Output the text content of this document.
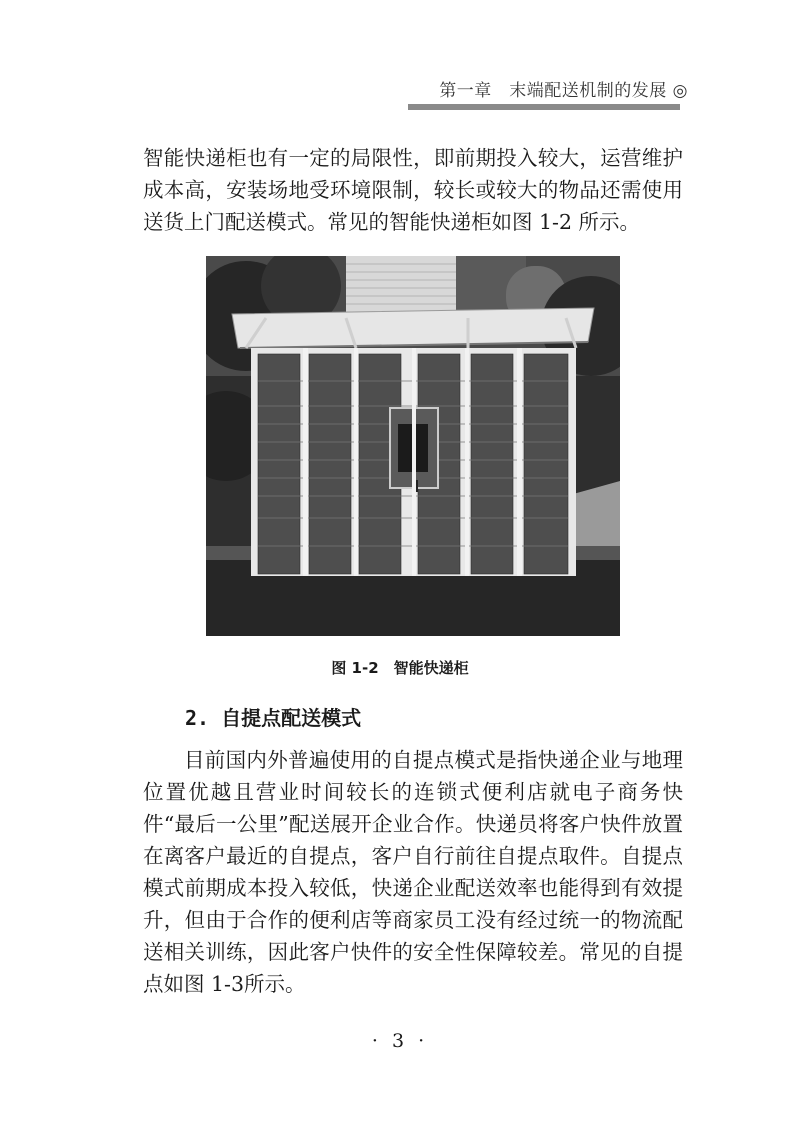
第一章　末端配送机制的发展 ◎

智能快递柜也有一定的局限性，即前期投入较大，运营维护成本高，安装场地受环境限制，较长或较大的物品还需使用送货上门配送模式。常见的智能快递柜如图 1-2 所示。

图 1-2　智能快递柜
2. 自提点配送模式

目前国内外普遍使用的自提点模式是指快递企业与地理位置优越且营业时间较长的连锁式便利店就电子商务快件“最后一公里”配送展开企业合作。快递员将客户快件放置在离客户最近的自提点，客户自行前往自提点取件。自提点模式前期成本投入较低，快递企业配送效率也能得到有效提升，但由于合作的便利店等商家员工没有经过统一的物流配送相关训练，因此客户快件的安全性保障较差。常见的自提点如图 1-3所示。

· 3 ·
